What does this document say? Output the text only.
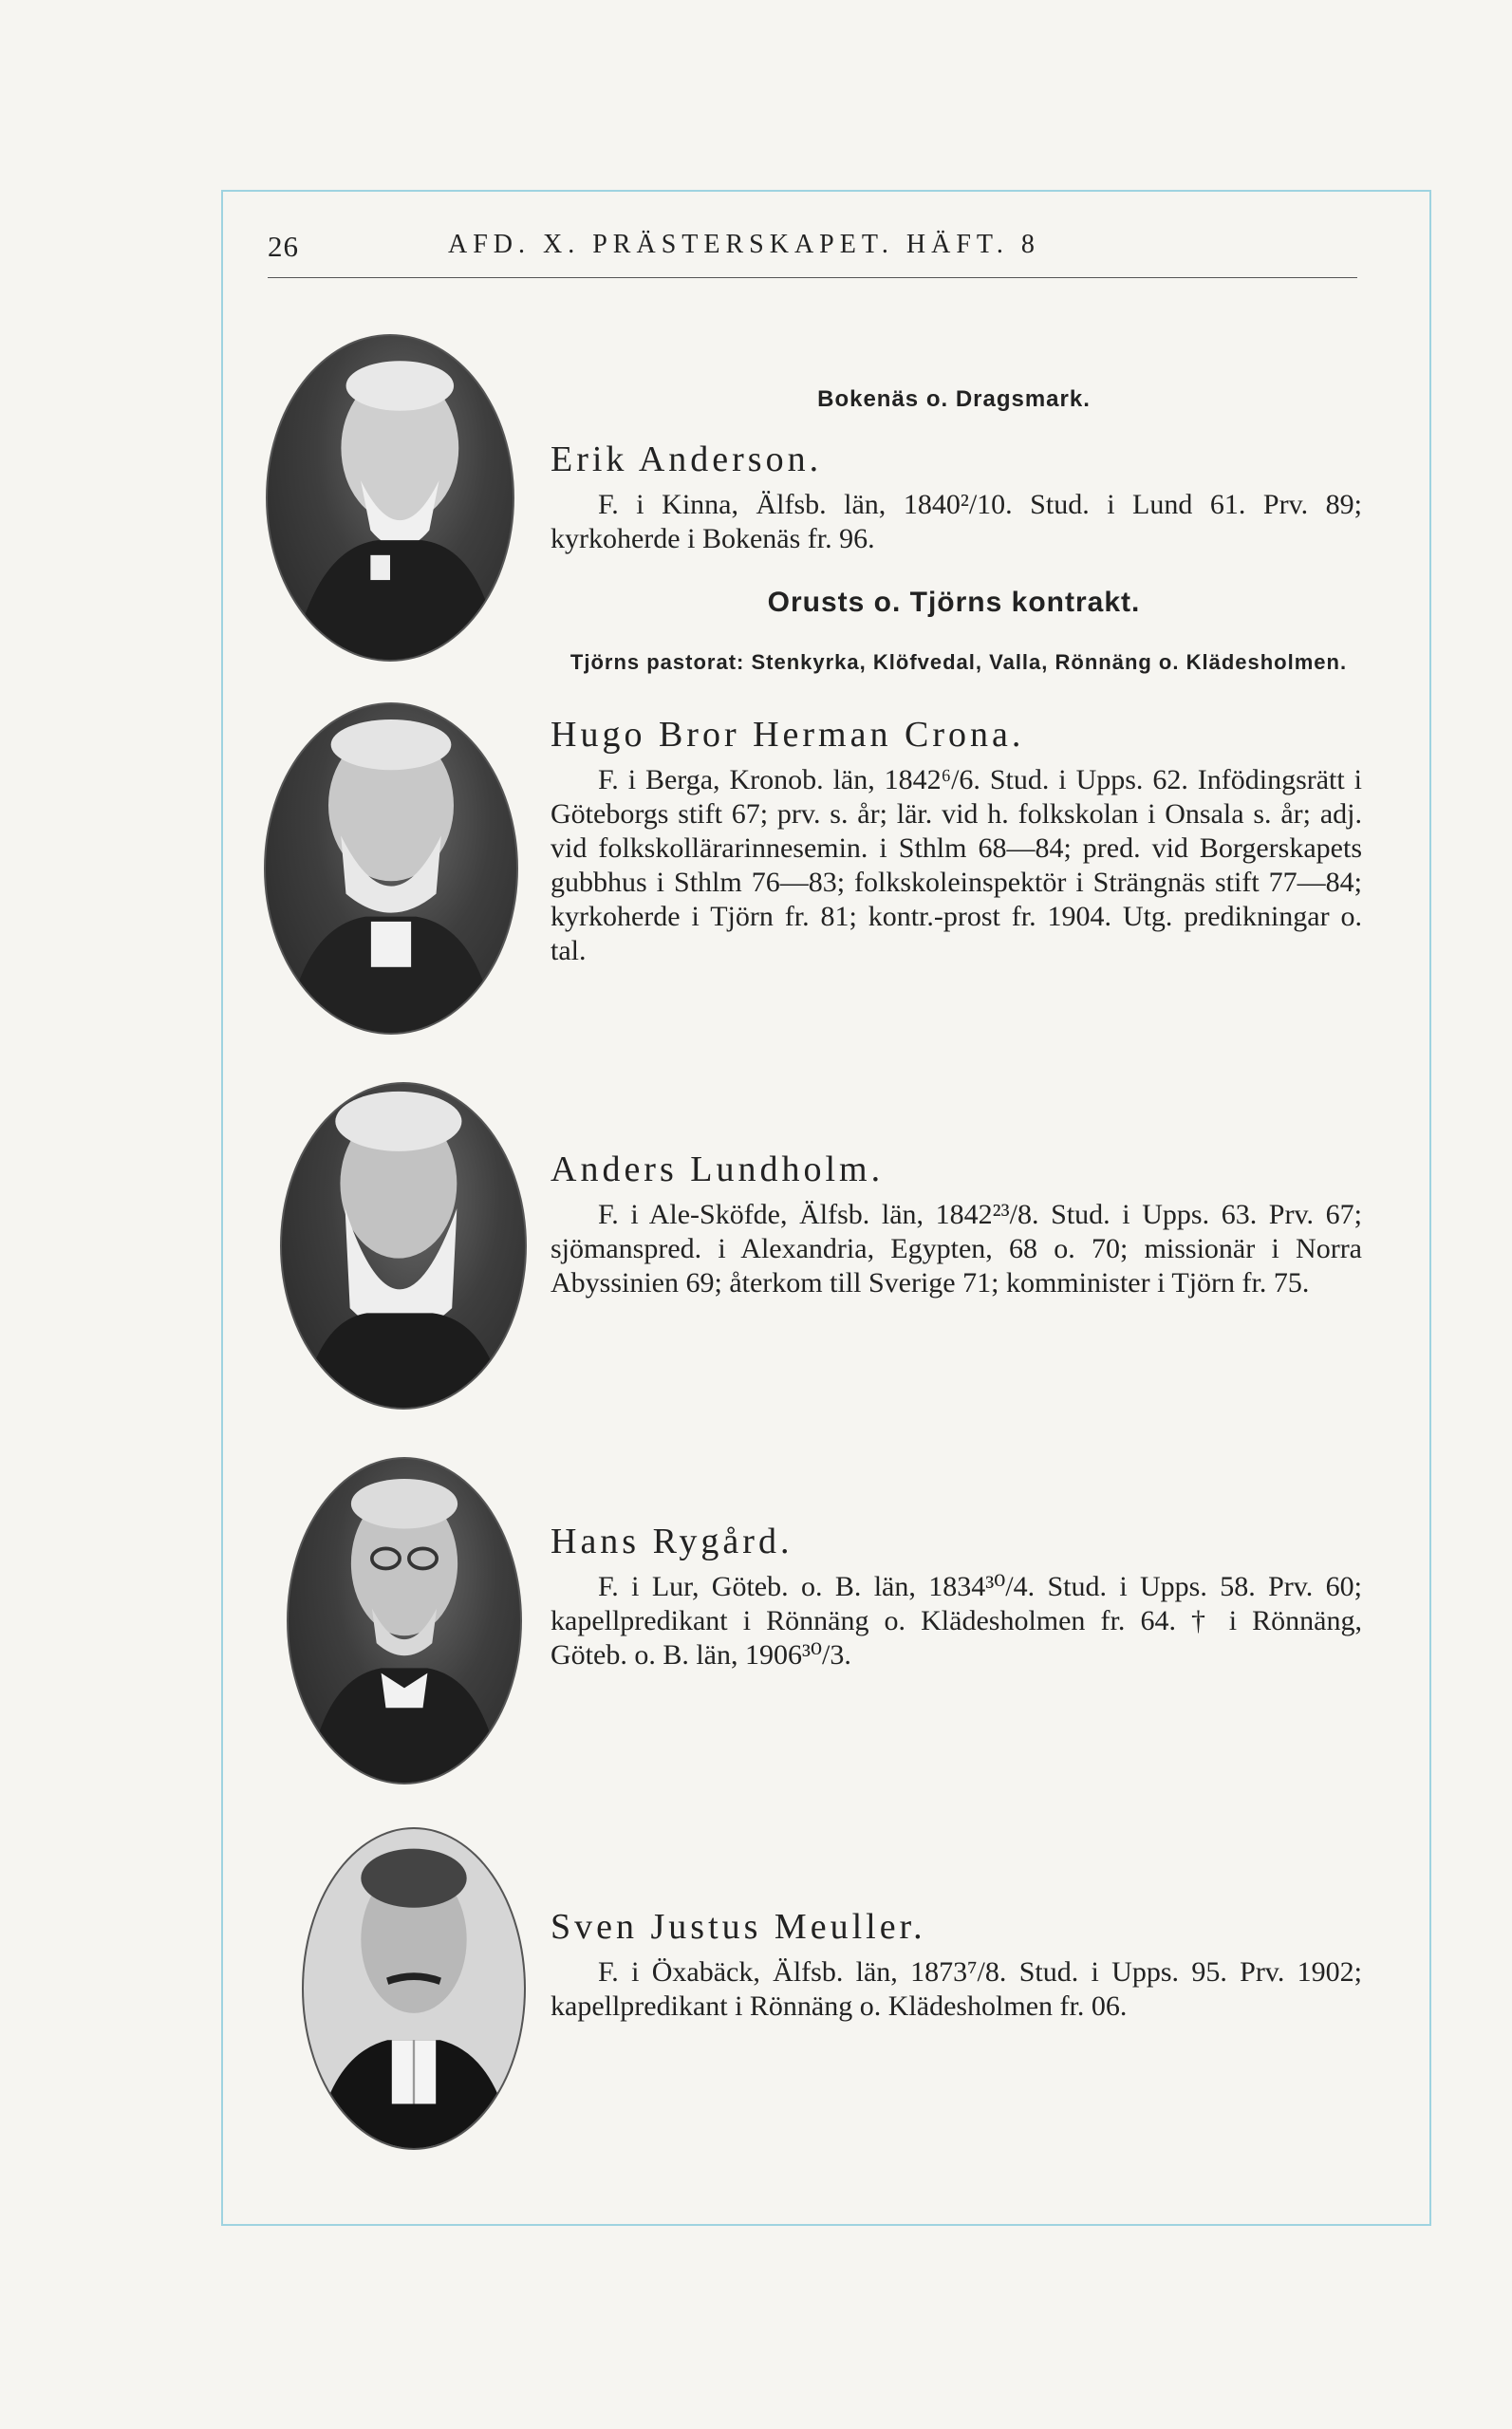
26	AFD. X. PRÄSTERSKAPET. HÄFT. 8
Bokenäs o. Dragsmark.
Erik Anderson.

F. i Kinna, Älfsb. län, 1840²/10. Stud. i Lund 61. Prv. 89; kyrkoherde i Bokenäs fr. 96.

Orusts o. Tjörns kontrakt.
Tjörns pastorat: Stenkyrka, Klöfvedal, Valla, Rönnäng o. Klädesholmen.
Hugo Bror Herman Crona.

F. i Berga, Kronob. län, 1842⁶/6. Stud. i Upps. 62. Infödingsrätt i Göteborgs stift 67; prv. s. år; lär. vid h. folkskolan i Onsala s. år; adj. vid folkskollärarinnesemin. i Sthlm 68—84; pred. vid Borgerskapets gubbhus i Sthlm 76—83; folkskoleinspektör i Strängnäs stift 77—84; kyrkoherde i Tjörn fr. 81; kontr.-prost fr. 1904. Utg. predikningar o. tal.

Anders Lundholm.

F. i Ale-Sköfde, Älfsb. län, 1842²³/8. Stud. i Upps. 63. Prv. 67; sjömanspred. i Alexandria, Egypten, 68 o. 70; missionär i Norra Abyssinien 69; återkom till Sverige 71; komminister i Tjörn fr. 75.

Hans Rygård.

F. i Lur, Göteb. o. B. län, 1834³⁰/4. Stud. i Upps. 58. Prv. 60; kapellpredikant i Rönnäng o. Klädesholmen fr. 64. † i Rönnäng, Göteb. o. B. län, 1906³⁰/3.

Sven Justus Meuller.

F. i Öxabäck, Älfsb. län, 1873⁷/8. Stud. i Upps. 95. Prv. 1902; kapellpredikant i Rönnäng o. Klädesholmen fr. 06.
